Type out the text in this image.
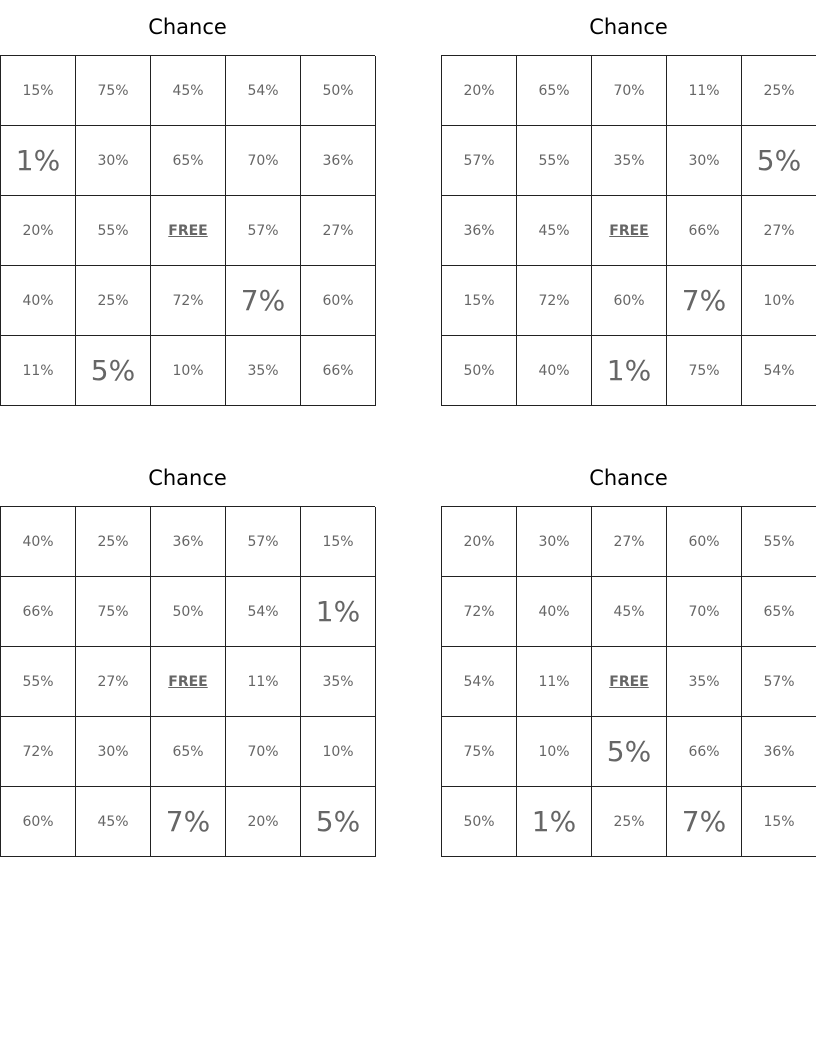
Chance
15%	75%	45%	54%	50%
1%	30%	65%	70%	36%
20%	55%	FREE	57%	27%
40%	25%	72%	7%	60%
11%	5%	10%	35%	66%
Chance
20%	65%	70%	11%	25%
57%	55%	35%	30%	5%
36%	45%	FREE	66%	27%
15%	72%	60%	7%	10%
50%	40%	1%	75%	54%
Chance
40%	25%	36%	57%	15%
66%	75%	50%	54%	1%
55%	27%	FREE	11%	35%
72%	30%	65%	70%	10%
60%	45%	7%	20%	5%
Chance
20%	30%	27%	60%	55%
72%	40%	45%	70%	65%
54%	11%	FREE	35%	57%
75%	10%	5%	66%	36%
50%	1%	25%	7%	15%
